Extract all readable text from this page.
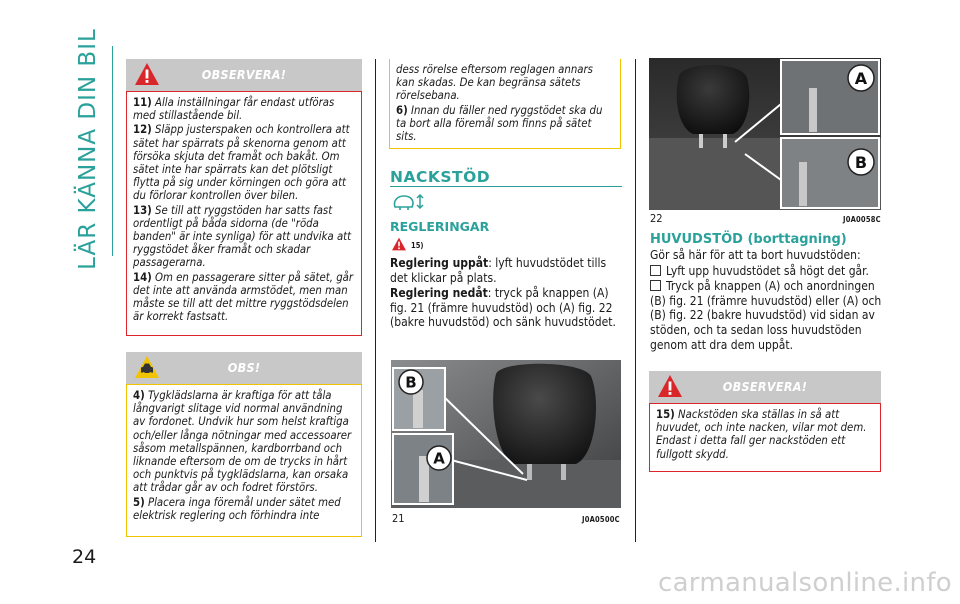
LÄR KÄNNA DIN BIL
24
OBSERVERA!

11) Alla inställningar får endast utföras med stillastående bil.

12) Släpp justerspaken och kontrollera att sätet har spärrats på skenorna genom att försöka skjuta det framåt och bakåt. Om sätet inte har spärrats kan det plötsligt flytta på sig under körningen och göra att du förlorar kontrollen över bilen.

13) Se till att ryggstöden har satts fast ordentligt på båda sidorna (de "röda banden" är inte synliga) för att undvika att ryggstödet åker framåt och skadar passagerarna.

14) Om en passagerare sitter på sätet, går det inte att använda armstödet, men man måste se till att det mittre ryggstödsdelen är korrekt fastsatt.

OBS!

4) Tygklädslarna är kraftiga för att tåla långvarigt slitage vid normal användning av fordonet. Undvik hur som helst kraftiga och/eller långa nötningar med accessoarer såsom metallspännen, kardborrband och liknande eftersom de om de trycks in hårt och punktvis på tygklädslarna, kan orsaka att trådar går av och fodret förstörs.

5) Placera inga föremål under sätet med elektrisk reglering och förhindra inte

dess rörelse eftersom reglagen annars kan skadas. De kan begränsa sätets rörelsebana.

6) Innan du fäller ned ryggstödet ska du ta bort alla föremål som finns på sätet sits.

NACKSTÖD
REGLERINGAR
15)

Reglering uppåt: lyft huvudstödet tills det klickar på plats.

Reglering nedåt: tryck på knappen (A) fig. 21 (främre huvudstöd) och (A) fig. 22 (bakre huvudstöd) och sänk huvudstödet.

B
A
21	J0A0500C
A
B
22	J0A0058C
HUVUDSTÖD (borttagning)

Gör så här för att ta bort huvudstöden:

Lyft upp huvudstödet så högt det går.

Tryck på knappen (A) och anordningen (B) fig. 21 (främre huvudstöd) eller (A) och (B) fig. 22 (bakre huvudstöd) vid sidan av stöden, och ta sedan loss huvudstöden genom att dra dem uppåt.

OBSERVERA!

15) Nackstöden ska ställas in så att huvudet, och inte nacken, vilar mot dem. Endast i detta fall ger nackstöden ett fullgott skydd.

carmanualsonline.info
